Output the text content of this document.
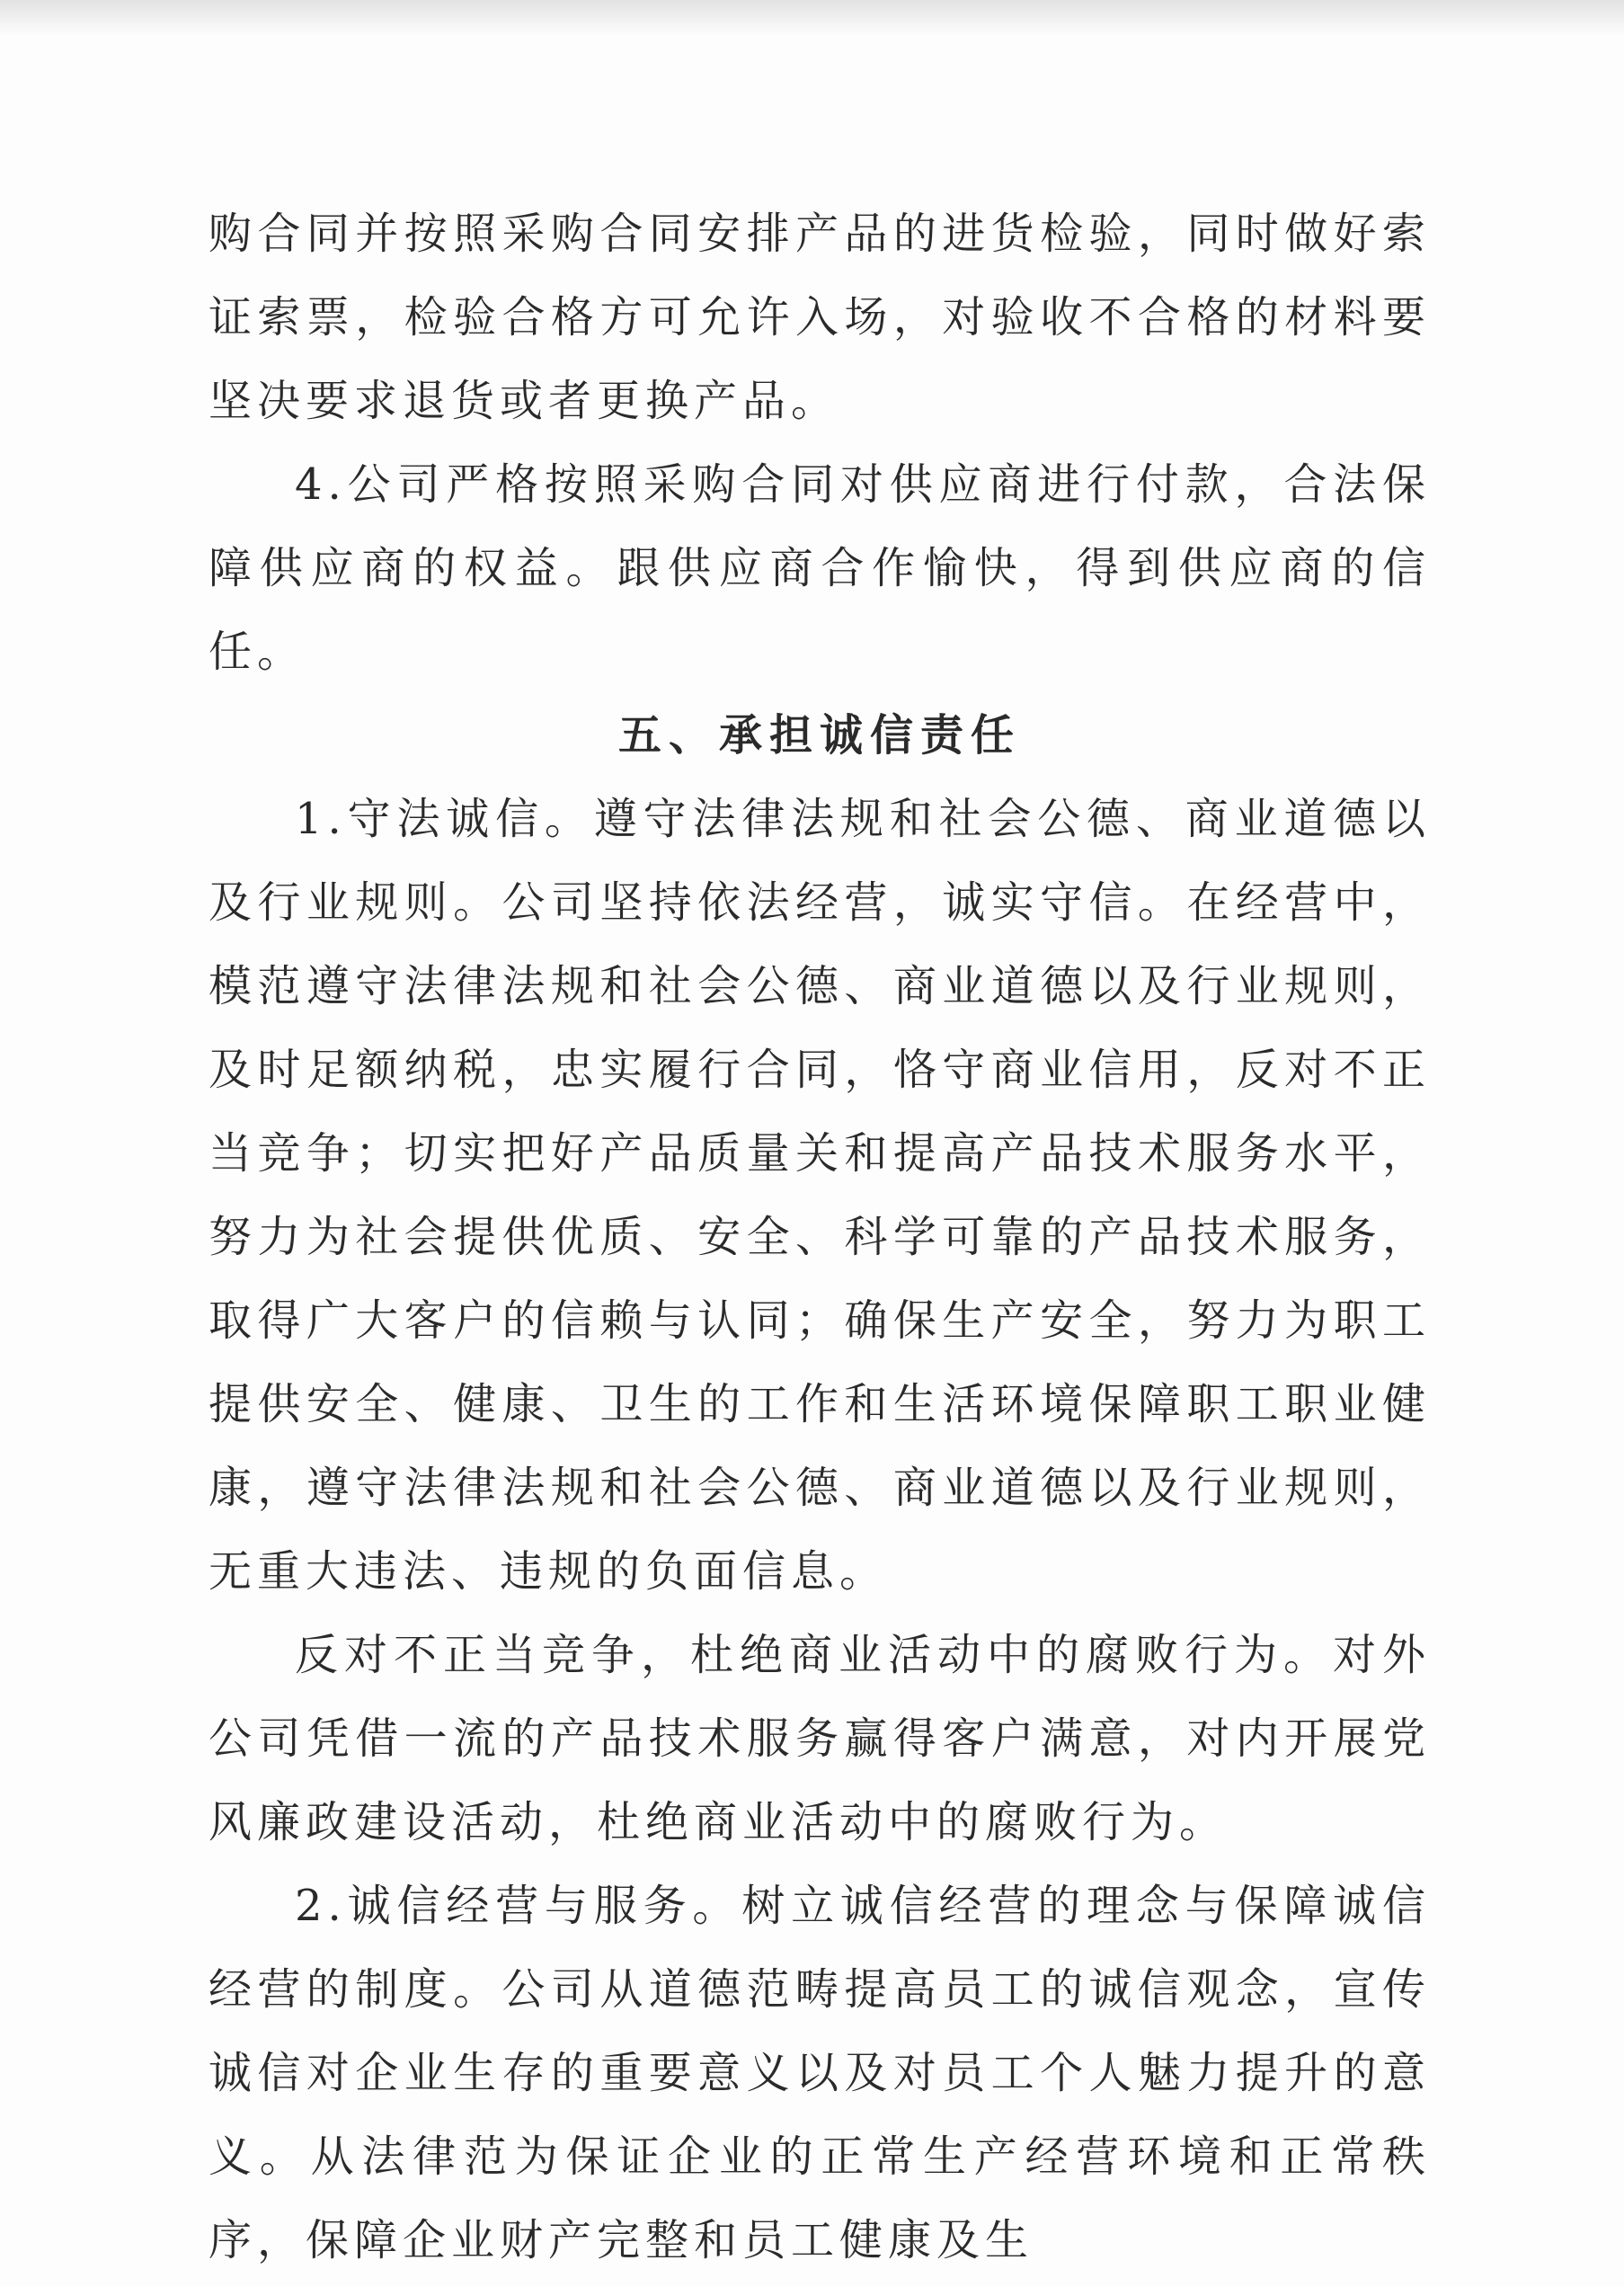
购合同并按照采购合同安排产品的进货检验，同时做好索证索票，检验合格方可允许入场，对验收不合格的材料要坚决要求退货或者更换产品。

4.公司严格按照采购合同对供应商进行付款，合法保障供应商的权益。跟供应商合作愉快，得到供应商的信任。

五、承担诚信责任

1.守法诚信。遵守法律法规和社会公德、商业道德以及行业规则。公司坚持依法经营，诚实守信。在经营中，模范遵守法律法规和社会公德、商业道德以及行业规则，及时足额纳税，忠实履行合同，恪守商业信用，反对不正当竞争；切实把好产品质量关和提高产品技术服务水平，努力为社会提供优质、安全、科学可靠的产品技术服务，取得广大客户的信赖与认同；确保生产安全，努力为职工提供安全、健康、卫生的工作和生活环境保障职工职业健康，遵守法律法规和社会公德、商业道德以及行业规则，无重大违法、违规的负面信息。

反对不正当竞争，杜绝商业活动中的腐败行为。对外公司凭借一流的产品技术服务赢得客户满意，对内开展党风廉政建设活动，杜绝商业活动中的腐败行为。

2.诚信经营与服务。树立诚信经营的理念与保障诚信经营的制度。公司从道德范畴提高员工的诚信观念，宣传诚信对企业生存的重要意义以及对员工个人魅力提升的意义。从法律范为保证企业的正常生产经营环境和正常秩序，保障企业财产完整和员工健康及生
